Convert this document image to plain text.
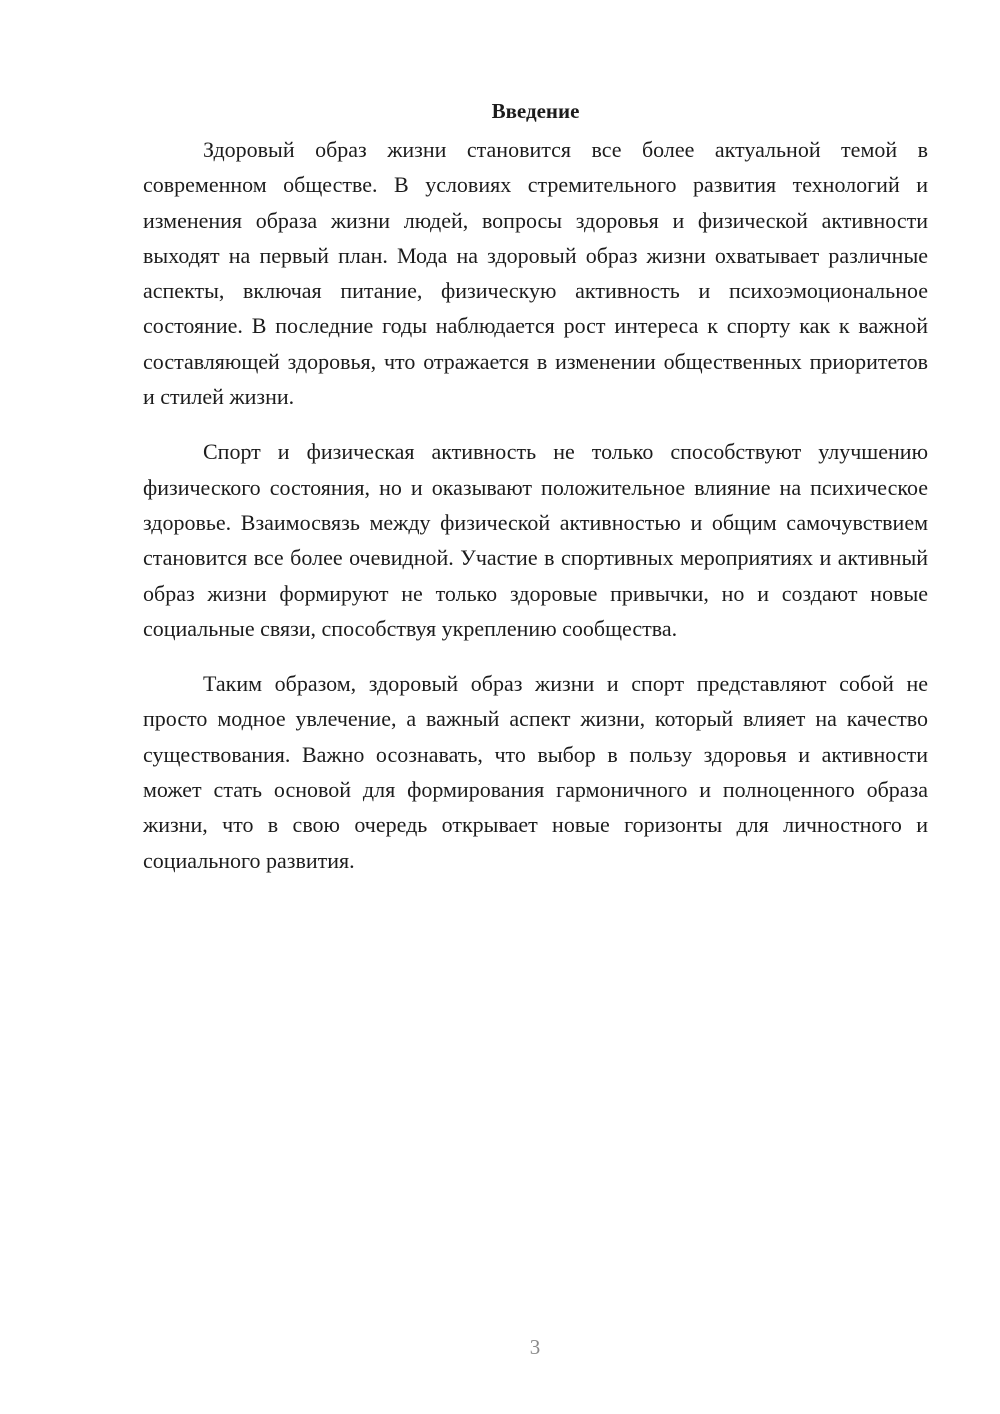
Введение

Здоровый образ жизни становится все более актуальной темой в современном обществе. В условиях стремительного развития технологий и изменения образа жизни людей, вопросы здоровья и физической активности выходят на первый план. Мода на здоровый образ жизни охватывает различные аспекты, включая питание, физическую активность и психоэмоциональное состояние. В последние годы наблюдается рост интереса к спорту как к важной составляющей здоровья, что отражается в изменении общественных приоритетов и стилей жизни.

Спорт и физическая активность не только способствуют улучшению физического состояния, но и оказывают положительное влияние на психическое здоровье. Взаимосвязь между физической активностью и общим самочувствием становится все более очевидной. Участие в спортивных мероприятиях и активный образ жизни формируют не только здоровые привычки, но и создают новые социальные связи, способствуя укреплению сообщества.

Таким образом, здоровый образ жизни и спорт представляют собой не просто модное увлечение, а важный аспект жизни, который влияет на качество существования. Важно осознавать, что выбор в пользу здоровья и активности может стать основой для формирования гармоничного и полноценного образа жизни, что в свою очередь открывает новые горизонты для личностного и социального развития.

3
